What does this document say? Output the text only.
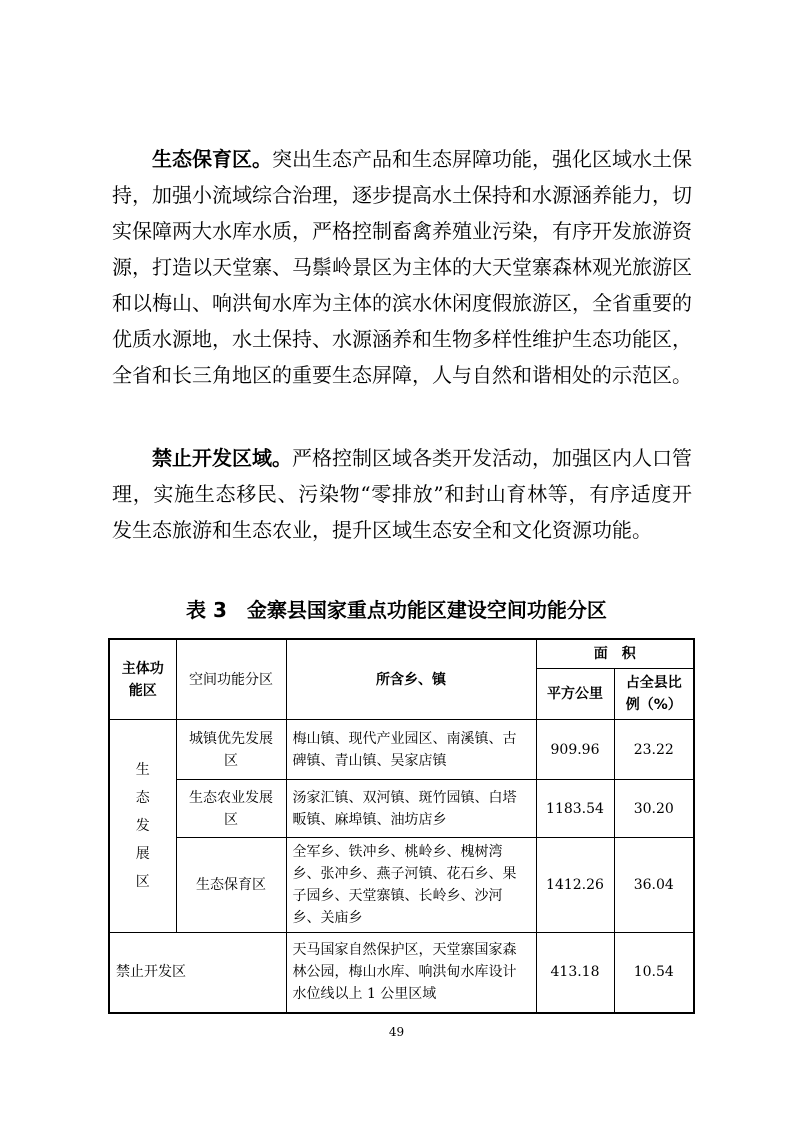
生态保育区。突出生态产品和生态屏障功能，强化区域水土保持，加强小流域综合治理，逐步提高水土保持和水源涵养能力，切实保障两大水库水质，严格控制畜禽养殖业污染，有序开发旅游资源，打造以天堂寨、马鬃岭景区为主体的大天堂寨森林观光旅游区和以梅山、响洪甸水库为主体的滨水休闲度假旅游区，全省重要的优质水源地，水土保持、水源涵养和生物多样性维护生态功能区，全省和长三角地区的重要生态屏障，人与自然和谐相处的示范区。

禁止开发区域。严格控制区域各类开发活动，加强区内人口管理，实施生态移民、污染物“零排放”和封山育林等，有序适度开发生态旅游和生态农业，提升区域生态安全和文化资源功能。

表 3　金寨县国家重点功能区建设空间功能分区
主体功能区	空间功能分区	所含乡、镇	面　积	
			平方公里	占全县比例（%）
生态发展区	城镇优先发展区	梅山镇、现代产业园区、南溪镇、古碑镇、青山镇、吴家店镇	909.96	23.22
	生态农业发展区	汤家汇镇、双河镇、斑竹园镇、白塔畈镇、麻埠镇、油坊店乡	1183.54	30.20
	生态保育区	全军乡、铁冲乡、桃岭乡、槐树湾乡、张冲乡、燕子河镇、花石乡、果子园乡、天堂寨镇、长岭乡、沙河乡、关庙乡	1412.26	36.04
禁止开发区		天马国家自然保护区，天堂寨国家森林公园，梅山水库、响洪甸水库设计水位线以上 1 公里区域	413.18	10.54
49
